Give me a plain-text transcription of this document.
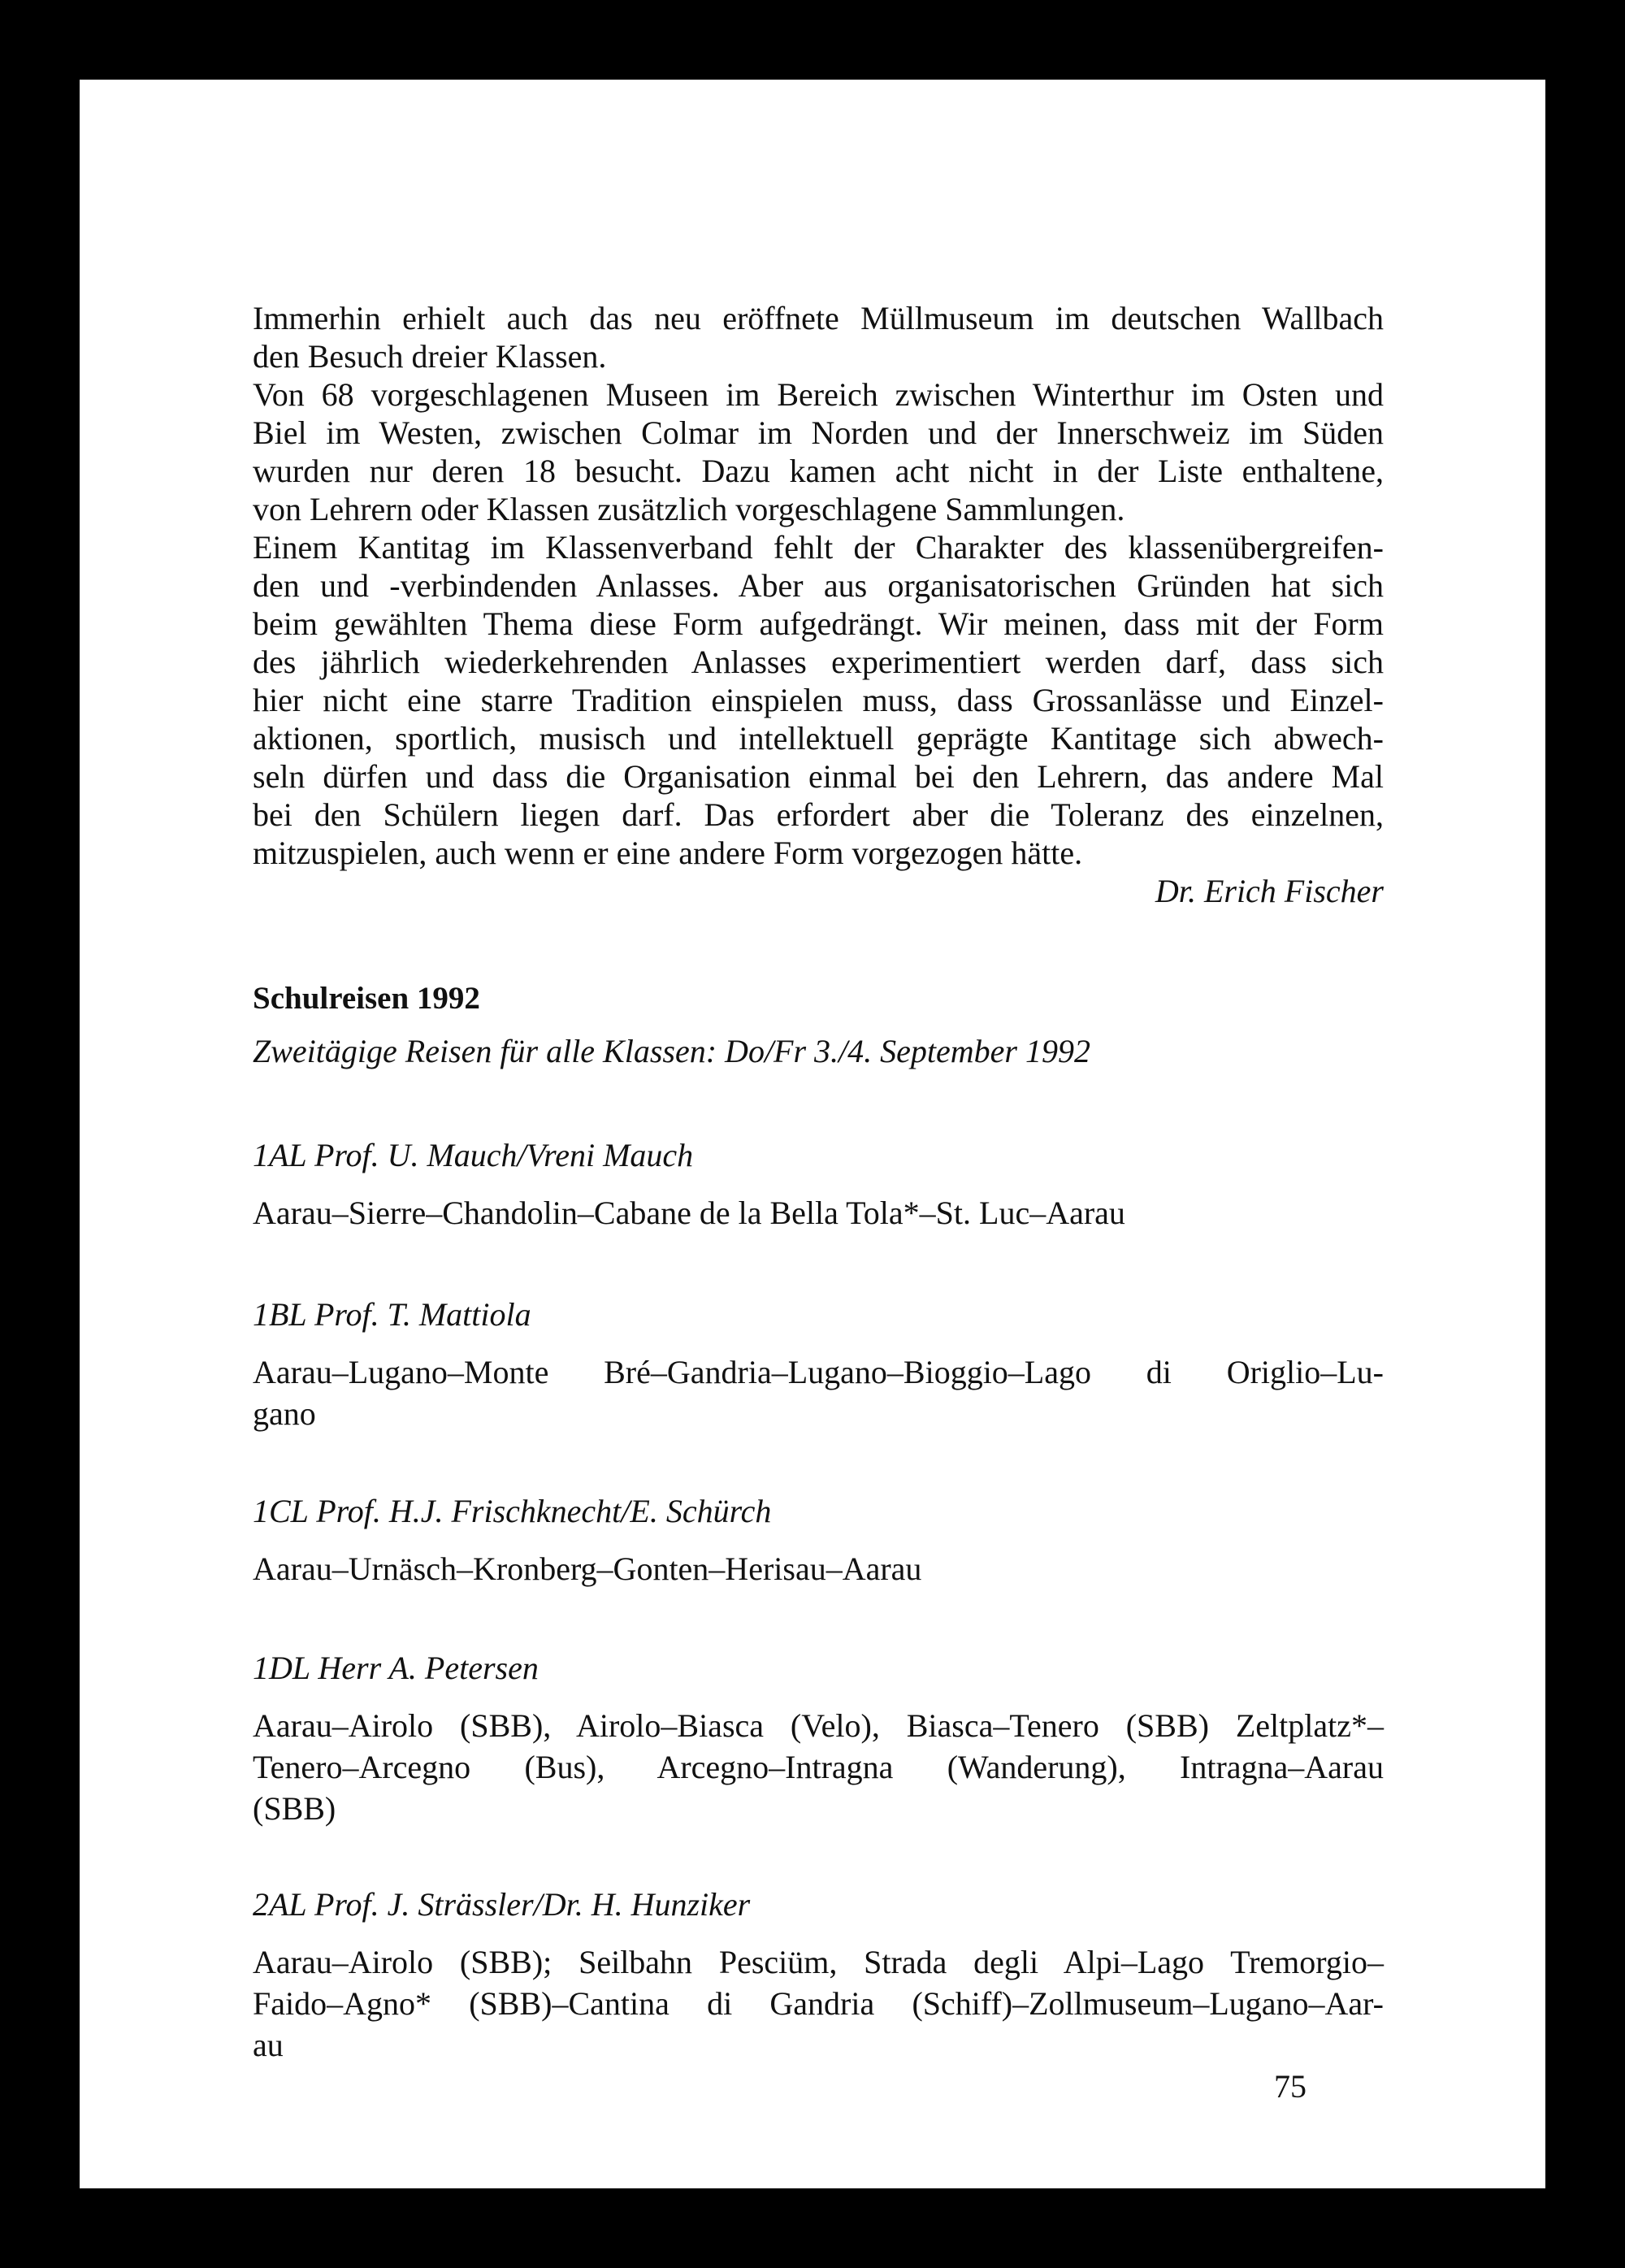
Immerhin erhielt auch das neu eröffnete Müllmuseum im deutschen Wallbach
den Besuch dreier Klassen.
Von 68 vorgeschlagenen Museen im Bereich zwischen Winterthur im Osten und
Biel im Westen, zwischen Colmar im Norden und der Innerschweiz im Süden
wurden nur deren 18 besucht. Dazu kamen acht nicht in der Liste enthaltene,
von Lehrern oder Klassen zusätzlich vorgeschlagene Sammlungen.
Einem Kantitag im Klassenverband fehlt der Charakter des klassenübergreifen-
den und -verbindenden Anlasses. Aber aus organisatorischen Gründen hat sich
beim gewählten Thema diese Form aufgedrängt. Wir meinen, dass mit der Form
des jährlich wiederkehrenden Anlasses experimentiert werden darf, dass sich
hier nicht eine starre Tradition einspielen muss, dass Grossanlässe und Einzel-
aktionen, sportlich, musisch und intellektuell geprägte Kantitage sich abwech-
seln dürfen und dass die Organisation einmal bei den Lehrern, das andere Mal
bei den Schülern liegen darf. Das erfordert aber die Toleranz des einzelnen,
mitzuspielen, auch wenn er eine andere Form vorgezogen hätte.

Dr. Erich Fischer

Schulreisen 1992

Zweitägige Reisen für alle Klassen: Do/Fr 3./4. September 1992

1AL Prof. U. Mauch/Vreni Mauch

Aarau–Sierre–Chandolin–Cabane de la Bella Tola*–St. Luc–Aarau

1BL Prof. T. Mattiola

Aarau–Lugano–Monte Bré–Gandria–Lugano–Bioggio–Lago di Origlio–Lu-
gano

1CL Prof. H.J. Frischknecht/E. Schürch

Aarau–Urnäsch–Kronberg–Gonten–Herisau–Aarau

1DL Herr A. Petersen

Aarau–Airolo (SBB), Airolo–Biasca (Velo), Biasca–Tenero (SBB) Zeltplatz*–
Tenero–Arcegno (Bus), Arcegno–Intragna (Wanderung), Intragna–Aarau
(SBB)

2AL Prof. J. Strässler/Dr. H. Hunziker

Aarau–Airolo (SBB); Seilbahn Pesciüm, Strada degli Alpi–Lago Tremorgio–
Faido–Agno* (SBB)–Cantina di Gandria (Schiff)–Zollmuseum–Lugano–Aar-
au

75
